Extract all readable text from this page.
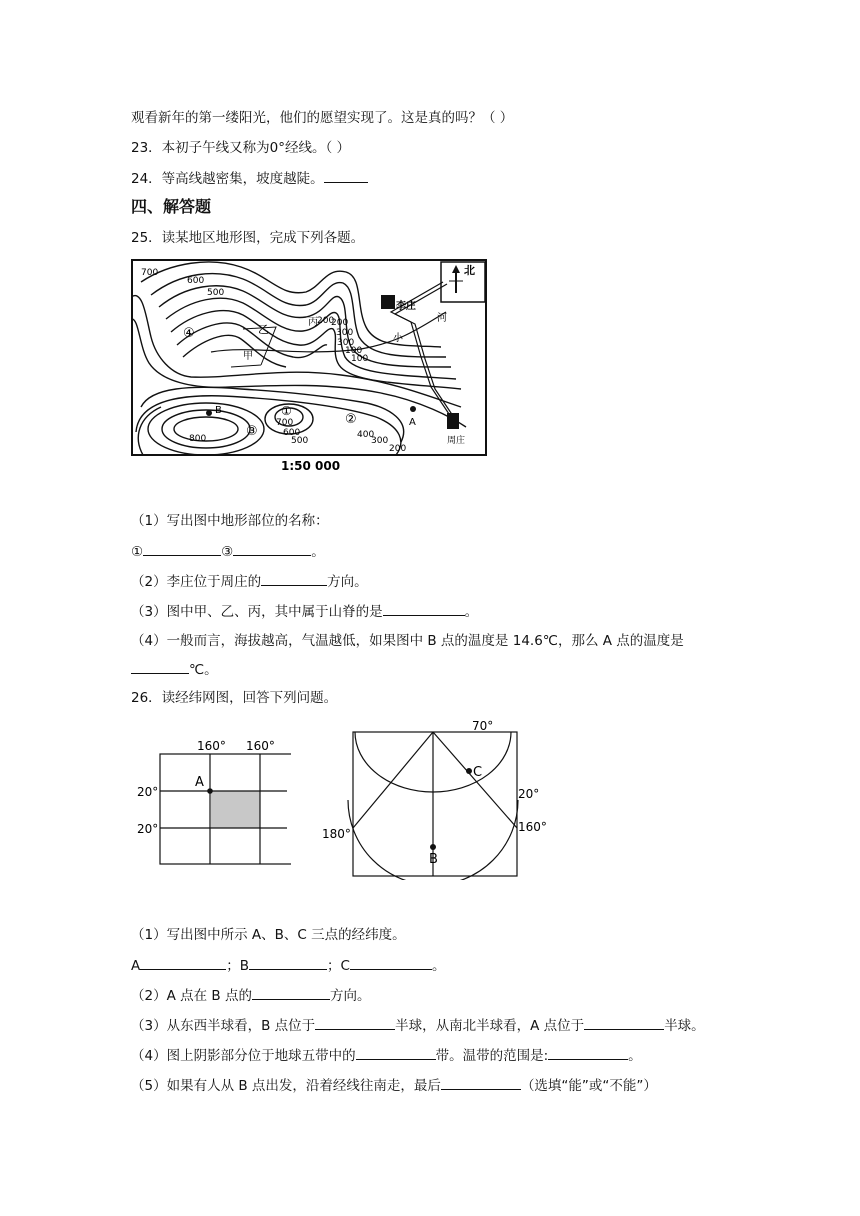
观看新年的第一缕阳光，他们的愿望实现了。这是真的吗？（ ）
23．本初子午线又称为0°经线。（ ）
24．等高线越密集，坡度越陡。
四、解答题
25．读某地区地形图，完成下列各题。
北
李庄
周庄
小
河
甲
乙
丙
④
①
②
③
700
600
500
300
200
100
800
700
600
500
400
300
200
300
200
100
A
B
1:50 000
（1）写出图中地形部位的名称：
①	③	。
（2）李庄位于周庄的	方向。
（3）图中甲、乙、丙，其中属于山脊的是	。
（4）一般而言，海拔越高，气温越低，如果图中 B 点的温度是 14.6℃，那么 A 点的温度是
℃。
26．读经纬网图，回答下列问题。
160° 160°
20°
20°
A
70°
20°
160°
180°
B
C
（1）写出图中所示 A、B、C 三点的经纬度。
A	；B	；C	。
（2）A 点在 B 点的	方向。
（3）从东西半球看，B 点位于	半球，从南北半球看，A 点位于	半球。
（4）图上阴影部分位于地球五带中的	带。温带的范围是:	。
（5）如果有人从 B 点出发，沿着经线往南走，最后	（选填“能”或“不能”）
